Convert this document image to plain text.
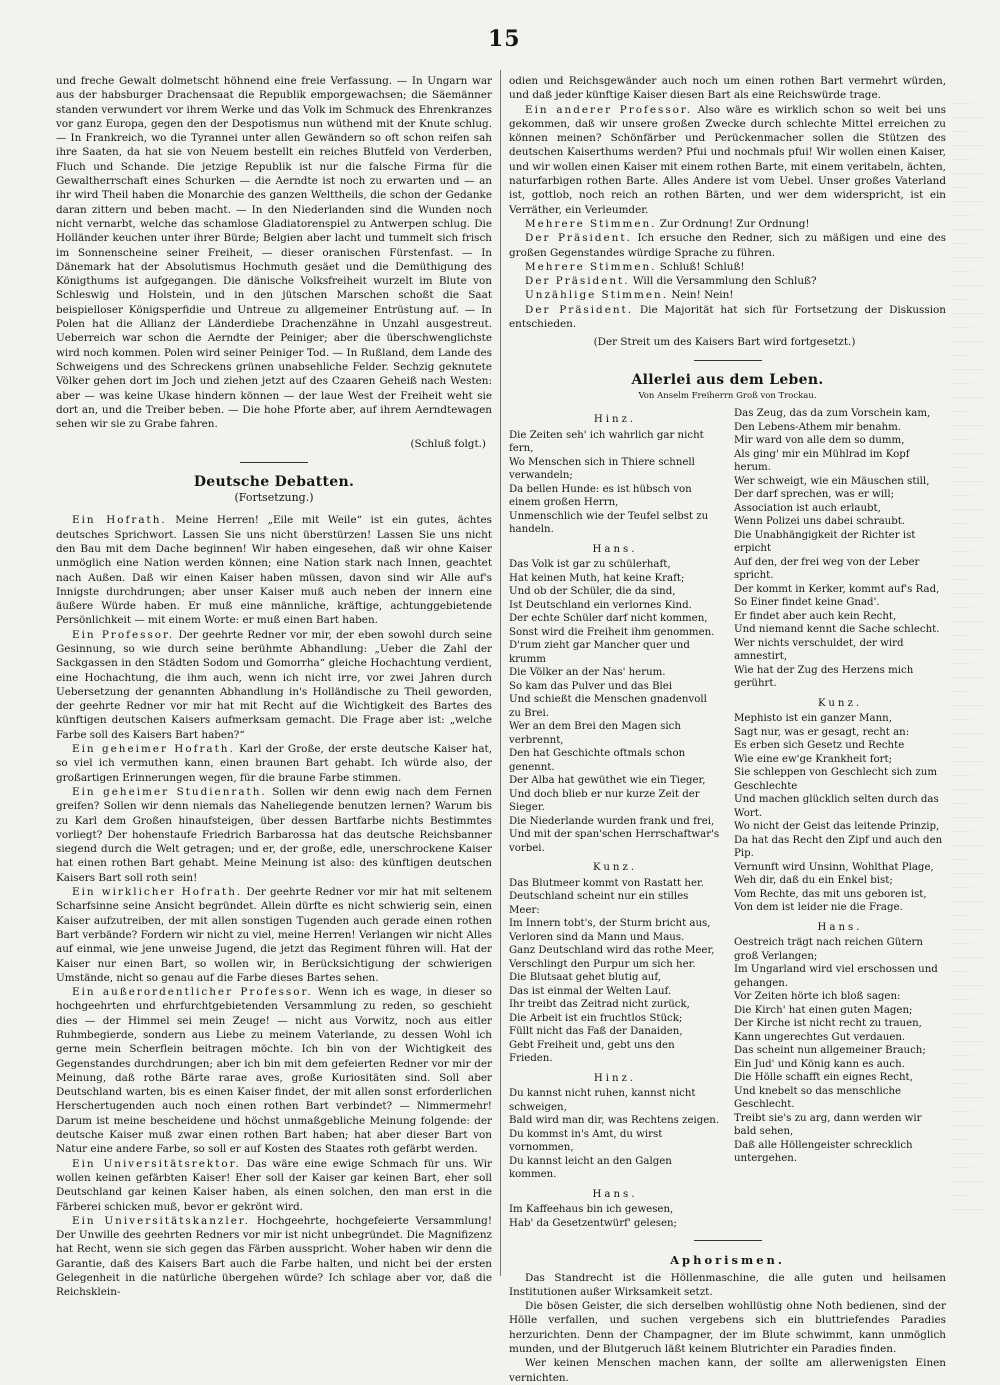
15

und freche Gewalt dolmetscht höhnend eine freie Verfassung. — In Ungarn war aus der habsburger Drachensaat die Republik emporgewachsen; die Säemänner standen verwundert vor ihrem Werke und das Volk im Schmuck des Ehrenkranzes vor ganz Europa, gegen den der Despotismus nun wüthend mit der Knute schlug. — In Frankreich, wo die Tyrannei unter allen Gewändern so oft schon reifen sah ihre Saaten, da hat sie von Neuem bestellt ein reiches Blutfeld von Verderben, Fluch und Schande. Die jetzige Republik ist nur die falsche Firma für die Gewaltherrschaft eines Schurken — die Aerndte ist noch zu erwarten und — an ihr wird Theil haben die Monarchie des ganzen Welttheils, die schon der Gedanke daran zittern und beben macht. — In den Niederlanden sind die Wunden noch nicht vernarbt, welche das schamlose Gladiatorenspiel zu Antwerpen schlug. Die Holländer keuchen unter ihrer Bürde; Belgien aber lacht und tummelt sich frisch im Sonnenscheine seiner Freiheit, — dieser oranischen Fürstenfast. — In Dänemark hat der Absolutismus Hochmuth gesäet und die Demüthigung des Königthums ist aufgegangen. Die dänische Volksfreiheit wurzelt im Blute von Schleswig und Holstein, und in den jütschen Marschen schoßt die Saat beispielloser Königsperfidie und Untreue zu allgemeiner Entrüstung auf. — In Polen hat die Allianz der Länderdiebe Drachenzähne in Unzahl ausgestreut. Ueberreich war schon die Aerndte der Peiniger; aber die überschwenglichste wird noch kommen. Polen wird seiner Peiniger Tod. — In Rußland, dem Lande des Schweigens und des Schreckens grünen unabsehliche Felder. Sechzig geknutete Völker gehen dort im Joch und ziehen jetzt auf des Czaaren Geheiß nach Westen: aber — was keine Ukase hindern können — der laue West der Freiheit weht sie dort an, und die Treiber beben. — Die hohe Pforte aber, auf ihrem Aerndtewagen sehen wir sie zu Grabe fahren.

(Schluß folgt.)

Deutsche Debatten.
(Fortsetzung.)

Ein Hofrath. Meine Herren! „Eile mit Weile“ ist ein gutes, ächtes deutsches Sprichwort. Lassen Sie uns nicht überstürzen! Lassen Sie uns nicht den Bau mit dem Dache beginnen! Wir haben eingesehen, daß wir ohne Kaiser unmöglich eine Nation werden können; eine Nation stark nach Innen, geachtet nach Außen. Daß wir einen Kaiser haben müssen, davon sind wir Alle auf's Innigste durchdrungen; aber unser Kaiser muß auch neben der innern eine äußere Würde haben. Er muß eine männliche, kräftige, achtunggebietende Persönlichkeit — mit einem Worte: er muß einen Bart haben.

Ein Professor. Der geehrte Redner vor mir, der eben sowohl durch seine Gesinnung, so wie durch seine berühmte Abhandlung: „Ueber die Zahl der Sackgassen in den Städten Sodom und Gomorrha“ gleiche Hochachtung verdient, eine Hochachtung, die ihm auch, wenn ich nicht irre, vor zwei Jahren durch Uebersetzung der genannten Abhandlung in's Holländische zu Theil geworden, der geehrte Redner vor mir hat mit Recht auf die Wichtigkeit des Bartes des künftigen deutschen Kaisers aufmerksam gemacht. Die Frage aber ist: „welche Farbe soll des Kaisers Bart haben?“

Ein geheimer Hofrath. Karl der Große, der erste deutsche Kaiser hat, so viel ich vermuthen kann, einen braunen Bart gehabt. Ich würde also, der großartigen Erinnerungen wegen, für die braune Farbe stimmen.

Ein geheimer Studienrath. Sollen wir denn ewig nach dem Fernen greifen? Sollen wir denn niemals das Naheliegende benutzen lernen? Warum bis zu Karl dem Großen hinaufsteigen, über dessen Bartfarbe nichts Bestimmtes vorliegt? Der hohenstaufe Friedrich Barbarossa hat das deutsche Reichsbanner siegend durch die Welt getragen; und er, der große, edle, unerschrockene Kaiser hat einen rothen Bart gehabt. Meine Meinung ist also: des künftigen deutschen Kaisers Bart soll roth sein!

Ein wirklicher Hofrath. Der geehrte Redner vor mir hat mit seltenem Scharfsinne seine Ansicht begründet. Allein dürfte es nicht schwierig sein, einen Kaiser aufzutreiben, der mit allen sonstigen Tugenden auch gerade einen rothen Bart verbände? Fordern wir nicht zu viel, meine Herren! Verlangen wir nicht Alles auf einmal, wie jene unweise Jugend, die jetzt das Regiment führen will. Hat der Kaiser nur einen Bart, so wollen wir, in Berücksichtigung der schwierigen Umstände, nicht so genau auf die Farbe dieses Bartes sehen.

Ein außerordentlicher Professor. Wenn ich es wage, in dieser so hochgeehrten und ehrfurchtgebietenden Versammlung zu reden, so geschieht dies — der Himmel sei mein Zeuge! — nicht aus Vorwitz, noch aus eitler Ruhmbegierde, sondern aus Liebe zu meinem Vaterlande, zu dessen Wohl ich gerne mein Scherflein beitragen möchte. Ich bin von der Wichtigkeit des Gegenstandes durchdrungen; aber ich bin mit dem gefeierten Redner vor mir der Meinung, daß rothe Bärte rarae aves, große Kuriositäten sind. Soll aber Deutschland warten, bis es einen Kaiser findet, der mit allen sonst erforderlichen Herschertugenden auch noch einen rothen Bart verbindet? — Nimmermehr! Darum ist meine bescheidene und höchst unmaßgebliche Meinung folgende: der deutsche Kaiser muß zwar einen rothen Bart haben; hat aber dieser Bart von Natur eine andere Farbe, so soll er auf Kosten des Staates roth gefärbt werden.

Ein Universitätsrektor. Das wäre eine ewige Schmach für uns. Wir wollen keinen gefärbten Kaiser! Eher soll der Kaiser gar keinen Bart, eher soll Deutschland gar keinen Kaiser haben, als einen solchen, den man erst in die Färberei schicken muß, bevor er gekrönt wird.

Ein Universitätskanzler. Hochgeehrte, hochgefeierte Versammlung! Der Unwille des geehrten Redners vor mir ist nicht unbegründet. Die Magnifizenz hat Recht, wenn sie sich gegen das Färben ausspricht. Woher haben wir denn die Garantie, daß des Kaisers Bart auch die Farbe halten, und nicht bei der ersten Gelegenheit in die natürliche übergehen würde? Ich schlage aber vor, daß die Reichsklein-

odien und Reichsgewänder auch noch um einen rothen Bart vermehrt würden, und daß jeder künftige Kaiser diesen Bart als eine Reichswürde trage.

Ein anderer Professor. Also wäre es wirklich schon so weit bei uns gekommen, daß wir unsere großen Zwecke durch schlechte Mittel erreichen zu können meinen? Schönfärber und Perückenmacher sollen die Stützen des deutschen Kaiserthums werden? Pfui und nochmals pfui! Wir wollen einen Kaiser, und wir wollen einen Kaiser mit einem rothen Barte, mit einem veritabeln, ächten, naturfarbigen rothen Barte. Alles Andere ist vom Uebel. Unser großes Vaterland ist, gottlob, noch reich an rothen Bärten, und wer dem widerspricht, ist ein Verräther, ein Verleumder.

Mehrere Stimmen. Zur Ordnung! Zur Ordnung!

Der Präsident. Ich ersuche den Redner, sich zu mäßigen und eine des großen Gegenstandes würdige Sprache zu führen.

Mehrere Stimmen. Schluß! Schluß!

Der Präsident. Will die Versammlung den Schluß?

Unzählige Stimmen. Nein! Nein!

Der Präsident. Die Majorität hat sich für Fortsetzung der Diskussion entschieden.

(Der Streit um des Kaisers Bart wird fortgesetzt.)

Allerlei aus dem Leben.
Von Anselm Freiherrn Groß von Trockau.
Hinz.
Die Zeiten seh' ich wahrlich gar nicht fern,
Wo Menschen sich in Thiere schnell verwandeln;
Da bellen Hunde: es ist hübsch von einem großen Herrn,
Unmenschlich wie der Teufel selbst zu handeln.
Hans.
Das Volk ist gar zu schülerhaft,
Hat keinen Muth, hat keine Kraft;
Und ob der Schüler, die da sind,
Ist Deutschland ein verlornes Kind.
Der echte Schüler darf nicht kommen,
Sonst wird die Freiheit ihm genommen.
D'rum zieht gar Mancher quer und krumm
Die Völker an der Nas' herum.
So kam das Pulver und das Blei
Und schießt die Menschen gnadenvoll zu Brei.
Wer an dem Brei den Magen sich verbrennt,
Den hat Geschichte oftmals schon genennt.
Der Alba hat gewüthet wie ein Tieger,
Und doch blieb er nur kurze Zeit der Sieger.
Die Niederlande wurden frank und frei,
Und mit der span'schen Herrschaftwar's vorbei.
Kunz.
Das Blutmeer kommt von Rastatt her.
Deutschland scheint nur ein stilles Meer:
Im Innern tobt's, der Sturm bricht aus,
Verloren sind da Mann und Maus.
Ganz Deutschland wird das rothe Meer,
Verschlingt den Purpur um sich her.
Die Blutsaat gehet blutig auf,
Das ist einmal der Welten Lauf.
Ihr treibt das Zeitrad nicht zurück,
Die Arbeit ist ein fruchtlos Stück;
Füllt nicht das Faß der Danaiden,
Gebt Freiheit und, gebt uns den Frieden.
Hinz.
Du kannst nicht ruhen, kannst nicht schweigen,
Bald wird man dir, was Rechtens zeigen.
Du kommst in's Amt, du wirst vornommen,
Du kannst leicht an den Galgen kommen.
Hans.
Im Kaffeehaus bin ich gewesen,
Hab' da Gesetzentwürf' gelesen;
Das Zeug, das da zum Vorschein kam,
Den Lebens-Athem mir benahm.
Mir ward von alle dem so dumm,
Als ging' mir ein Mühlrad im Kopf herum.
Wer schweigt, wie ein Mäuschen still,
Der darf sprechen, was er will;
Association ist auch erlaubt,
Wenn Polizei uns dabei schraubt.
Die Unabhängigkeit der Richter ist erpicht
Auf den, der frei weg von der Leber spricht.
Der kommt in Kerker, kommt auf's Rad,
So Einer findet keine Gnad'.
Er findet aber auch kein Recht,
Und niemand kennt die Sache schlecht.
Wer nichts verschuldet, der wird amnestirt,
Wie hat der Zug des Herzens mich gerührt.
Kunz.
Mephisto ist ein ganzer Mann,
Sagt nur, was er gesagt, recht an:
Es erben sich Gesetz und Rechte
Wie eine ew'ge Krankheit fort;
Sie schleppen von Geschlecht sich zum Geschlechte
Und machen glücklich selten durch das Wort.
Wo nicht der Geist das leitende Prinzip,
Da hat das Recht den Zipf und auch den Pip.
Vernunft wird Unsinn, Wohlthat Plage,
Weh dir, daß du ein Enkel bist;
Vom Rechte, das mit uns geboren ist,
Von dem ist leider nie die Frage.
Hans.
Oestreich trägt nach reichen Gütern groß Verlangen;
Im Ungarland wird viel erschossen und gehangen.
Vor Zeiten hörte ich bloß sagen:
Die Kirch' hat einen guten Magen;
Der Kirche ist nicht recht zu trauen,
Kann ungerechtes Gut verdauen.
Das scheint nun allgemeiner Brauch;
Ein Jud' und König kann es auch.
Die Hölle schafft ein eignes Recht,
Und knebelt so das menschliche Geschlecht.
Treibt sie's zu arg, dann werden wir bald sehen,
Daß alle Höllengeister schrecklich untergehen.
Aphorismen.

Das Standrecht ist die Höllenmaschine, die alle guten und heilsamen Institutionen außer Wirksamkeit setzt.

Die bösen Geister, die sich derselben wohllüstig ohne Noth bedienen, sind der Hölle verfallen, und suchen vergebens sich ein bluttriefendes Paradies herzurichten. Denn der Champagner, der im Blute schwimmt, kann unmöglich munden, und der Blutgeruch läßt keinem Blutrichter ein Paradies finden.

Wer keinen Menschen machen kann, der sollte am allerwenigsten Einen vernichten.
